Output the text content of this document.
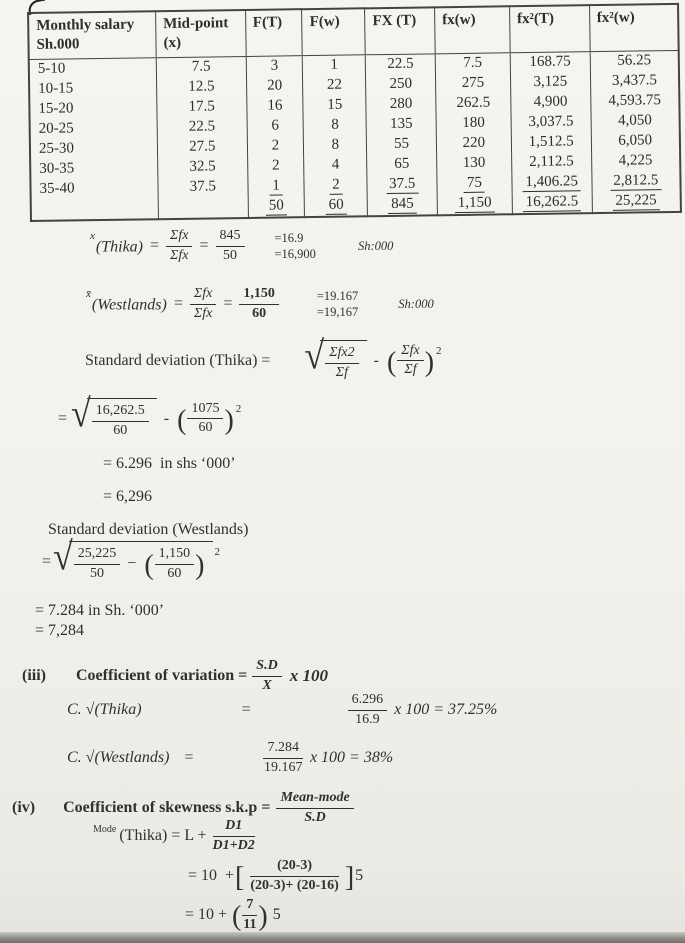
Monthly salary Sh.000	Mid-point (x)	F(T)	F(w)	FX (T)	fx(w)	fx²(T)	fx²(w)
5-10	7.5	3	1	22.5	7.5	168.75	56.25
10-15	12.5	20	22	250	275	3,125	3,437.5
15-20	17.5	16	15	280	262.5	4,900	4,593.75
20-25	22.5	6	8	135	180	3,037.5	4,050
25-30	27.5	2	8	55	220	1,512.5	6,050
30-35	32.5	2	4	65	130	2,112.5	4,225
35-40	37.5	1	2	37.5	75	1,406.25	2,812.5
		50	60	845	1,150	16,262.5	25,225
$^x$(Thika) = $\frac{\text{Σfx}}{\text{Σfx}} = \frac{845}{50} =16.9$
=16,900
Sh:000
$^{x̄}$(Westlands) = $\frac{\text{Σfx}}{\text{Σfx}} = \frac{1,150}{60}$	=19.167
=19,167
Sh:000
Standard deviation (Thika) = √ $\frac{\text{Σfx2}}{\Sigma f}$ - ( $\frac{\text{Σfx}}{\Sigma f} )^2$
= √ $\frac{16,262.5}{60}$ - ( $\frac{1075}{60} )^2$
= 6.296  in shs ‘000’
= 6,296
Standard deviation (Westlands)
= √ $\frac{25,225}{50}$ − ( $\frac{1,150}{60}$ ) $^2$
= 7.284 in Sh. ‘000’
= 7,284
(iii) Coefficient of variation = $\frac{S.D}{X}$ x 100
C. √(Thika)	=	$\frac{6.296}{16.9}$ x 100 = 37.25%
C. √(Westlands) =	$\frac{7.284}{19.167}$ x 100 = 38%
(iv) Coefficient of skewness $s.k.p = \frac{\text{Mean-mode}}{S.D}$
$^{Mode}$ (Thika) = $L + \frac{D1}{D1+D2}$
= 10  + [ $\frac{(20-3)}{(20-3)+ (20-16)}$ ] 5
= 10 + ( $\frac{7}{11}$ ) 5
